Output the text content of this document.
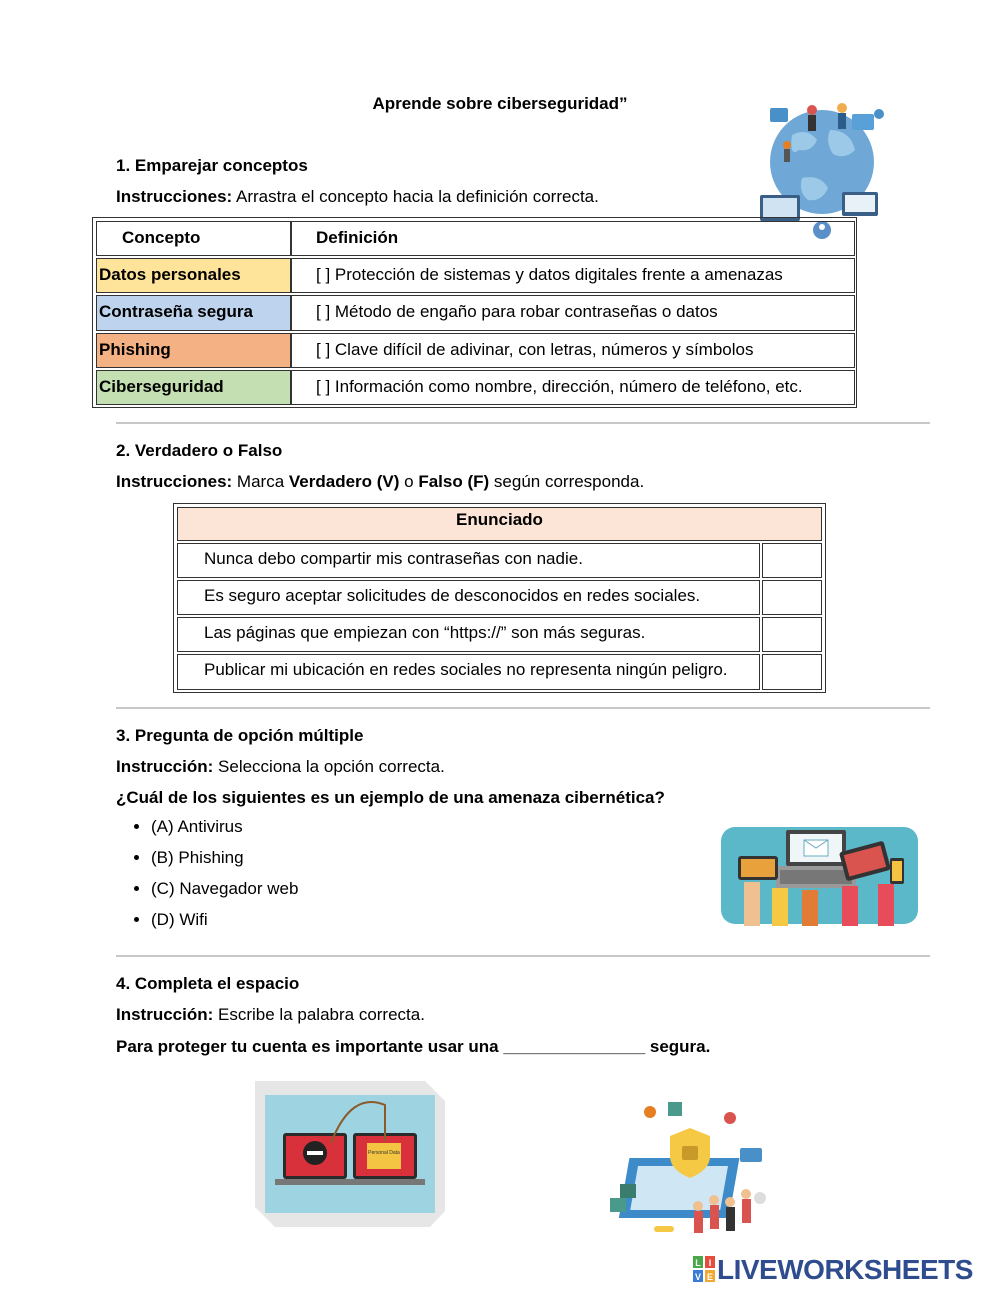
Aprende sobre ciberseguridad”
1. Emparejar conceptos
Instrucciones: Arrastra el concepto hacia la definición correcta.
Concepto	Definición
Datos personales	[ ] Protección de sistemas y datos digitales frente a amenazas
Contraseña segura	[ ] Método de engaño para robar contraseñas o datos
Phishing	[ ] Clave difícil de adivinar, con letras, números y símbolos
Ciberseguridad	[ ] Información como nombre, dirección, número de teléfono, etc.
2. Verdadero o Falso
Instrucciones: Marca Verdadero (V) o Falso (F) según corresponda.
Enunciado
Nunca debo compartir mis contraseñas con nadie.
Es seguro aceptar solicitudes de desconocidos en redes sociales.
Las páginas que empiezan con “https://” son más seguras.
Publicar mi ubicación en redes sociales no representa ningún peligro.
3. Pregunta de opción múltiple
Instrucción: Selecciona la opción correcta.
¿Cuál de los siguientes es un ejemplo de una amenaza cibernética?
• (A) Antivirus
• (B) Phishing
• (C) Navegador web
• (D) Wifi
4. Completa el espacio
Instrucción: Escribe la palabra correcta.
Para proteger tu cuenta es importante usar una _______________ segura.
Personal Data
L I
V E LIVEWORKSHEETS
